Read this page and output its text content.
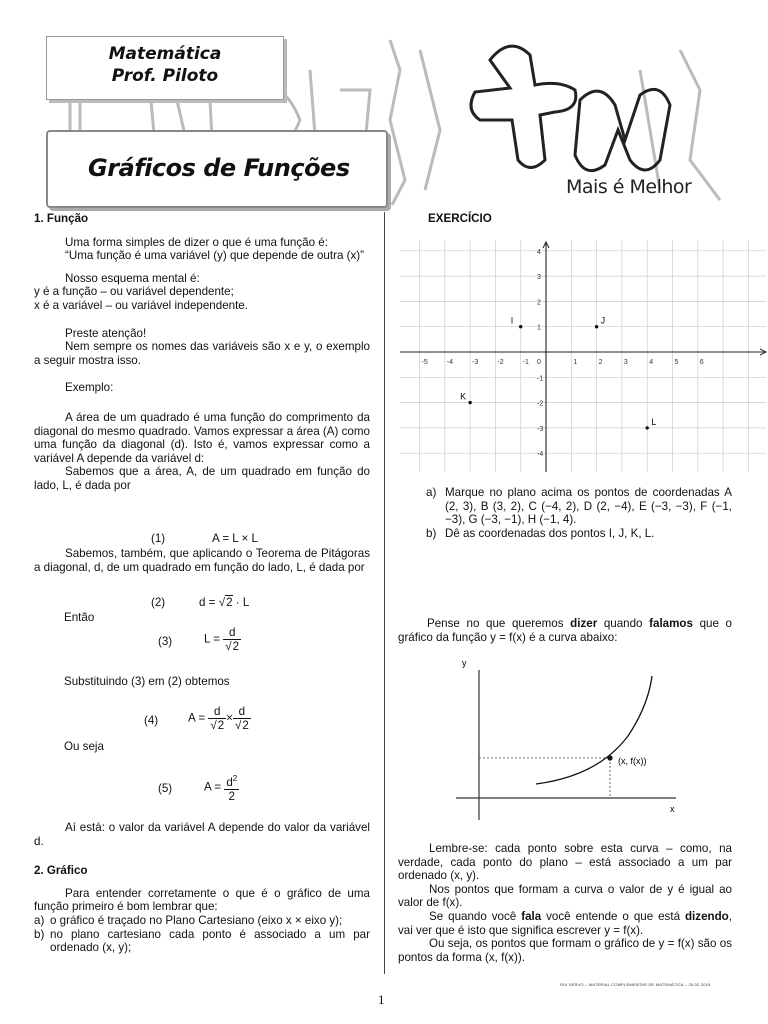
Matemática
Prof. Piloto
Gráficos de Funções
Mais é Melhor

1. Função

Uma forma simples de dizer o que é uma função é:

“Uma função é uma variável (y) que depende de outra (x)”

Nosso esquema mental é:

y é a função – ou variável dependente;

x é a variável – ou variável independente.

Preste atenção!

Nem sempre os nomes das variáveis são x e y, o exemplo a seguir mostra isso.

Exemplo:

A área de um quadrado é uma função do comprimento da diagonal do mesmo quadrado. Vamos expressar a área (A) como uma função da diagonal (d). Isto é, vamos expressar como a variável A depende da variável d:

Sabemos que a área, A, de um quadrado em função do lado, L, é dada por

(1)	A = L × L

Sabemos, também, que aplicando o Teorema de Pitágoras a diagonal, d, de um quadrado em função do lado, L, é dada por

(2)	d = √2 · L
Então
(3)	$L = \frac{d}{√2}$
Substituindo (3) em (2) obtemos
(4)	$A = \frac{d}{√2} \times \frac{d}{√2}$
Ou seja
(5)	$A = \frac{d^2}{2}$

Aí está: o valor da variável A depende do valor da variável d.

2. Gráfico

Para entender corretamente o que é o gráfico de uma função primeiro é bom lembrar que:

a) o gráfico é traçado no Plano Cartesiano (eixo x × eixo y);
b) no plano cartesiano cada ponto é associado a um par ordenado (x, y);
EXERCÍCIO
-5	-4	-3	-2	-1 0	1	2	3	4	5	6
4
3
2
1
-1
-2
-3
-4
I	J
K
L
a) Marque no plano acima os pontos de coordenadas A (2, 3), B (3, 2), C (−4, 2), D (2, −4), E (−3, −3), F (−1, −3), G (−3, −1), H (−1, 4).
b) Dê as coordenadas dos pontos I, J, K, L.
Pense no que queremos dizer quando falamos que o gráfico da função y = f(x) é a curva abaixo:
y
x
(x, f(x))

Lembre-se: cada ponto sobre esta curva – como, na verdade, cada ponto do plano – está associado a um par ordenado (x, y).

Nos pontos que formam a curva o valor de y é igual ao valor de f(x).

Se quando você fala você entende o que está dizendo, vai ver que é isto que significa escrever y = f(x).

Ou seja, os pontos que formam o gráfico de y = f(x) são os pontos da forma (x, f(x)).

RUI SERVO – MATERIAL COMPLEMENTAR DE MATEMÁTICA – 25.02.2015
1
